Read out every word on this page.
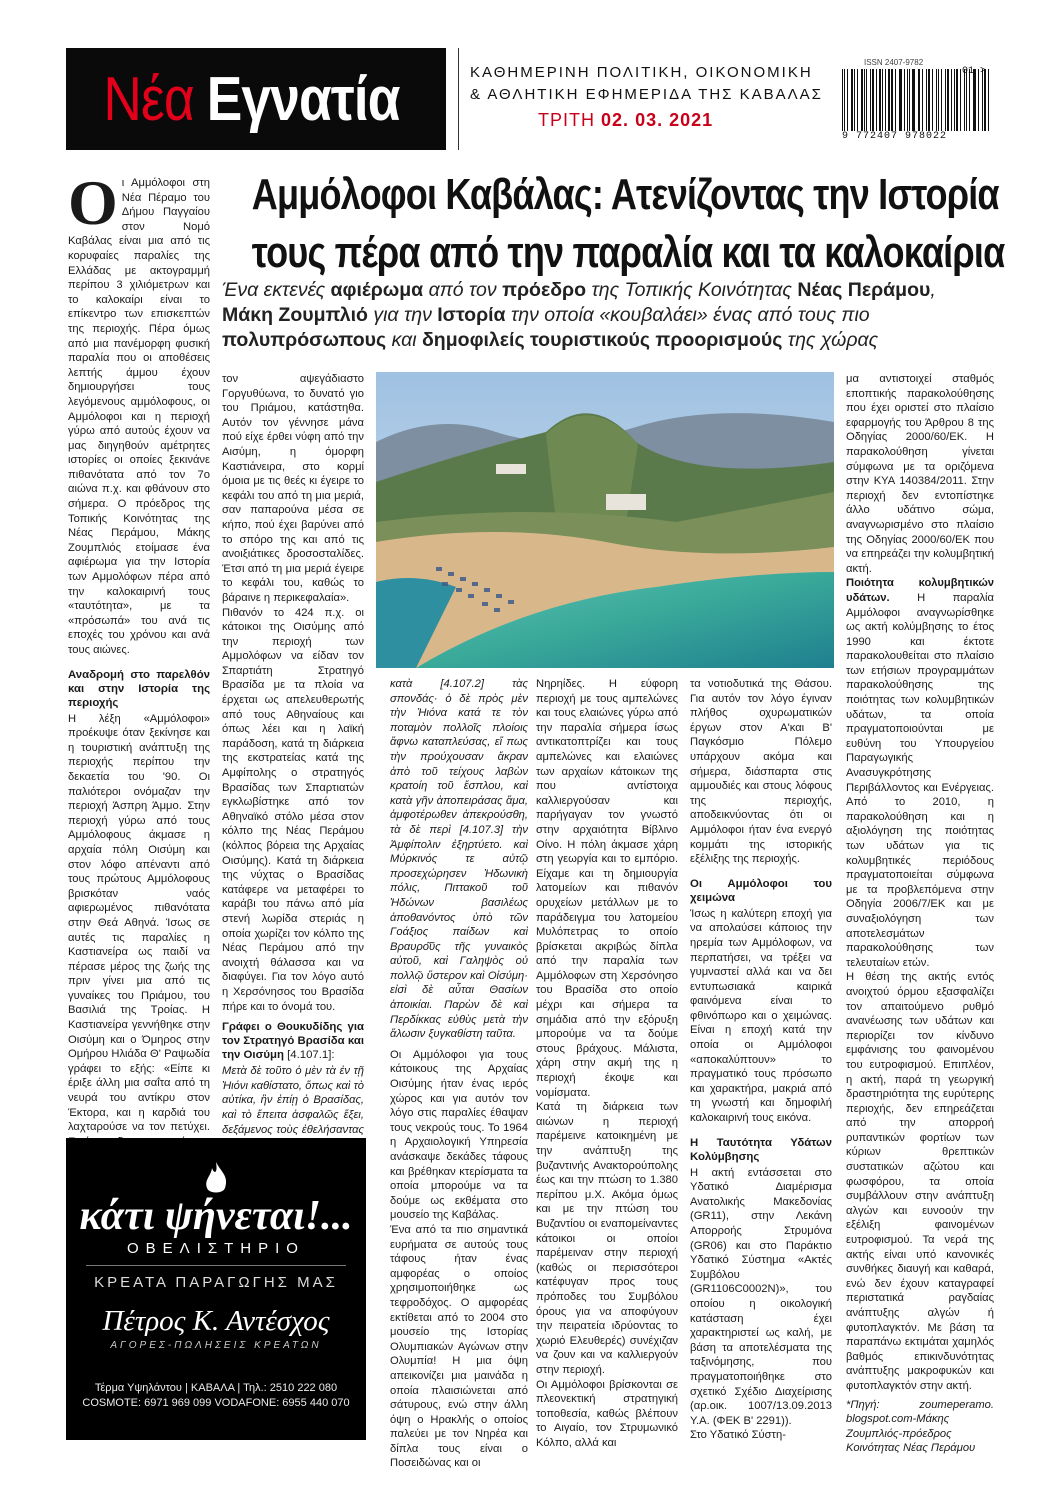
Νέα Εγνατία	ΚΑΘΗΜΕΡΙΝΗ ΠΟΛΙΤΙΚΗ, ΟΙΚΟΝΟΜΙΚΗ
& ΑΘΛΗΤΙΚΗ ΕΦΗΜΕΡΙΔΑ ΤΗΣ ΚΑΒΑΛΑΣ
ΤΡΙΤΗ 02. 03. 2021
ISSN 2407-9782
9 772407 978022
01 >
Αμμόλοφοι Καβάλας: Ατενίζοντας την Ιστορία
τους πέρα από την παραλία και τα καλοκαίρια
Ένα εκτενές αφιέρωμα από τον πρόεδρο της Τοπικής Κοινότητας Νέας Περάμου, Μάκη Ζουμπλιό για την Ιστορία την οποία «κουβαλάει» ένας από τους πιο πολυπρόσωπους και δημοφιλείς τουριστικούς προορισμούς της χώρας
Ο ι Αμμόλοφοι στη Νέα Πέραμο του Δήμου Παγγαίου στον Νομό Καβάλας είναι μια από τις κορυφαίες παραλίες της Ελλάδας με ακτογραμμή περίπου 3 χιλιόμετρων και το καλοκαίρι είναι το επίκεντρο των επισκεπτών της περιοχής. Πέρα όμως από μια πανέμορφη φυσική παραλία που οι αποθέσεις λεπτής άμμου έχουν δημιουργήσει τους λεγόμενους αμμόλοφους, οι Αμμόλοφοι και η περιοχή γύρω από αυτούς έχουν να μας διηγηθούν αμέτρητες ιστορίες οι οποίες ξεκινάνε πιθανότατα από τον 7ο αιώνα π.χ. και φθάνουν στο σήμερα. Ο πρόεδρος της Τοπικής Κοινότητας της Νέας Περάμου, Μάκης Ζουμπλιός ετοίμασε ένα αφιέρωμα για την Ιστορία των Αμμολόφων πέρα από την καλοκαιρινή τους «ταυτότητα», με τα «πρόσωπά» του ανά τις εποχές του χρόνου και ανά τους αιώνες.

Αναδρομή στο παρελθόν και στην Ιστορία της περιοχής

Η λέξη «Αμμόλοφοι» προέκυψε όταν ξεκίνησε και η τουριστική ανάπτυξη της περιοχής περίπου την δεκαετία του '90. Οι παλιότεροι ονόμαζαν την περιοχή Άσπρη Άμμο. Στην περιοχή γύρω από τους Αμμόλοφους άκμασε η αρχαία πόλη Οισύμη και στον λόφο απέναντι από τους πρώτους Αμμόλοφους βρισκόταν ναός αφιερωμένος πιθανότατα στην Θεά Αθηνά. Ίσως σε αυτές τις παραλίες η Καστιανείρα ως παιδί να πέρασε μέρος της ζωής της πριν γίνει μια από τις γυναίκες του Πριάμου, του Βασιλιά της Τροίας. Η Καστιανείρα γεννήθηκε στην Οισύμη και ο Όμηρος στην Ομήρου Ηλιάδα Θ' Ραψωδία γράφει το εξής: «Είπε κι έριξε άλλη μια σαΐτα από τη νευρά του αντίκρυ στον Έκτορα, και η καρδιά του λαχταρούσε να τον πετύχει.

τον αψεγάδιαστο Γοργυθύωνα, το δυνατό γιο του Πριάμου, κατάστηθα. Αυτόν τον γέννησε μάνα πού είχε έρθει νύφη από την Αισύμη, η όμορφη Καστιάνειρα, στο κορμί όμοια με τις θεές κι έγειρε το κεφάλι του από τη μια μεριά, σαν παπαρούνα μέσα σε κήπο, πού έχει βαρύνει από το σπόρο της και από τις ανοιξιάτικες δροσοσταλίδες. Έτσι από τη μια μεριά έγειρε το κεφάλι του, καθώς το βάραινε η περικεφαλαία».

Πιθανόν το 424 π.χ. οι κάτοικοι της Οισύμης από την περιοχή των Αμμολόφων να είδαν τον Σπαρτιάτη Στρατηγό Βρασίδα με τα πλοία να έρχεται ως απελευθερωτής από τους Αθηναίους και όπως λέει και η λαϊκή παράδοση, κατά τη διάρκεια της εκστρατείας κατά της Αμφίπολης ο στρατηγός Βρασίδας των Σπαρτιατών εγκλωβίστηκε από τον Αθηναϊκό στόλο μέσα στον κόλπο της Νέας Περάμου (κόλπος βόρεια της Αρχαίας Οισύμης). Κατά τη διάρκεια της νύχτας ο Βρασίδας κατάφερε να μεταφέρει το καράβι του πάνω από μία στενή λωρίδα στεριάς η οποία χωρίζει τον κόλπο της Νέας Περάμου από την ανοιχτή θάλασσα και να διαφύγει. Για τον λόγο αυτό η Χερσόνησος του Βρασίδα πήρε και το όνομά του.

Γράφει ο Θουκυδίδης για τον Στρατηγό Βρασίδα και την Οισύμη [4.107.1]:

Μετὰ δὲ τοῦτο ὁ μὲν τὰ ἐν τῇ Ἠιόνι καθίστατο, ὅπως καὶ τὸ αὐτίκα, ἢν ἐπίῃ ὁ Βρασίδας, καὶ τὸ ἔπειτα ἀσφαλῶς ἕξει, δεξάμενος τοὺς ἐθελήσαντας

κατὰ [4.107.2] τὰς σπονδάς· ὁ δὲ πρὸς μὲν τὴν Ἠιόνα κατά τε τὸν ποταμὸν πολλοῖς πλοίοις ἄφνω καταπλεύσας, εἴ πως τὴν προύχουσαν ἄκραν ἀπὸ τοῦ τείχους λαβὼν κρατοίη τοῦ ἔσπλου, καὶ κατὰ γῆν ἀποπειράσας ἅμα, ἀμφοτέρωθεν ἀπεκρούσθη, τὰ δὲ περὶ [4.107.3] τὴν Ἀμφίπολιν ἐξηρτύετο. καὶ Μύρκινός τε αὐτῷ προσεχώρησεν Ἠδωνικὴ πόλις, Πιττακοῦ τοῦ Ἠδώνων βασιλέως ἀποθανόντος ὑπὸ τῶν Γοάξιος παίδων καὶ Βραυρο͂ῦς τῆς γυναικὸς αὐτοῦ, καὶ Γαληψὸς οὐ πολλῷ ὕστερον καὶ Οἰσύμη· εἰσὶ δὲ αὗται Θασίων ἀποικίαι. Παρὼν δὲ καὶ Περδίκκας εὐθὺς μετὰ τὴν ἅλωσιν ξυγκαθίστη ταῦτα.

Οι Αμμόλοφοι για τους κάτοικους της Αρχαίας Οισύμης ήταν ένας ιερός χώρος και για αυτόν τον λόγο στις παραλίες έθαψαν τους νεκρούς τους. Το 1964 η Αρχαιολογική Υπηρεσία ανάσκαψε δεκάδες τάφους και βρέθηκαν κτερίσματα τα οποία μπορούμε να τα δούμε ως εκθέματα στο μουσείο της Καβάλας.

Ένα από τα πιο σημαντικά ευρήματα σε αυτούς τους τάφους ήταν ένας αμφορέας ο οποίος χρησιμοποιήθηκε ως τεφροδόχος. Ο αμφορέας εκτίθεται από το 2004 στο μουσείο της Ιστορίας Ολυμπιακών Αγώνων στην Ολυμπία! Η μια όψη απεικονίζει μια μαινάδα η οποία πλαισιώνεται από σάτυρους, ενώ στην άλλη όψη ο Ηρακλής ο οποίος παλεύει με τον Νηρέα και δίπλα τους είναι ο Ποσειδώνας και οι

Νηρηίδες. Η εύφορη περιοχή με τους αμπελώνες και τους ελαιώνες γύρω από την παραλία σήμερα ίσως αντικατοπτρίζει και τους αμπελώνες και ελαιώνες των αρχαίων κάτοικων της που αντίστοιχα καλλιεργούσαν και παρήγαγαν τον γνωστό στην αρχαιότητα Βίβλινο Οίνο. Η πόλη άκμασε χάρη στη γεωργία και το εμπόριο. Είχαμε και τη δημιουργία λατομείων και πιθανόν ορυχείων μετάλλων με το παράδειγμα του λατομείου Μυλόπετρας το οποίο βρίσκεται ακριβώς δίπλα από την παραλία των Αμμόλοφων στη Χερσόνησο του Βρασίδα στο οποίο μέχρι και σήμερα τα σημάδια από την εξόρυξη μπορούμε να τα δούμε στους βράχους. Μάλιστα, χάρη στην ακμή της η περιοχή έκοψε και νομίσματα.

Κατά τη διάρκεια των αιώνων η περιοχή παρέμεινε κατοικημένη με την ανάπτυξη της βυζαντινής Ανακτορούπολης έως και την πτώση το 1.380 περίπου μ.Χ. Ακόμα όμως και με την πτώση του Βυζαντίου οι εναπομείναντες κάτοικοι οι οποίοι παρέμειναν στην περιοχή (καθώς οι περισσότεροι κατέφυγαν προς τους πρόποδες του Συμβόλου όρους για να αποφύγουν την πειρατεία ιδρύοντας το χωριό Ελευθερές) συνέχιζαν να ζουν και να καλλιεργούν στην περιοχή.

Οι Αμμόλοφοι βρίσκονται σε πλεονεκτική στρατηγική τοποθεσία, καθώς βλέπουν το Αιγαίο, τον Στρυμωνικό Κόλπο, αλλά και

τα νοτιοδυτικά της Θάσου. Για αυτόν τον λόγο έγιναν πλήθος οχυρωματικών έργων στον Α'και Β' Παγκόσμιο Πόλεμο υπάρχουν ακόμα και σήμερα, διάσπαρτα στις αμμουδιές και στους λόφους της περιοχής, αποδεικνύοντας ότι οι Αμμόλοφοι ήταν ένα ενεργό κομμάτι της ιστορικής εξέλιξης της περιοχής.

Οι Αμμόλοφοι του χειμώνα

Ίσως η καλύτερη εποχή για να απολαύσει κάποιος την ηρεμία των Αμμόλοφων, να περπατήσει, να τρέξει να γυμναστεί αλλά και να δει εντυπωσιακά καιρικά φαινόμενα είναι το φθινόπωρο και ο χειμώνας. Είναι η εποχή κατά την οποία οι Αμμόλοφοι «αποκαλύπτουν» το πραγματικό τους πρόσωπο και χαρακτήρα, μακριά από τη γνωστή και δημοφιλή καλοκαιρινή τους εικόνα.

Η Ταυτότητα Υδάτων Κολύμβησης

Η ακτή εντάσσεται στο Υδατικό Διαμέρισμα Ανατολικής Μακεδονίας (GR11), στην Λεκάνη Απορροής Στρυμόνα (GR06) και στο Παράκτιο Υδατικό Σύστημα «Ακτές Συμβόλου (GR1106C0002N)», του οποίου η οικολογική κατάσταση έχει χαρακτηριστεί ως καλή, με βάση τα αποτελέσματα της ταξινόμησης, που πραγματοποιήθηκε στο σχετικό Σχέδιο Διαχείρισης (αρ.οικ. 1007/13.09.2013 Υ.Α. (ΦΕΚ Β' 2291)).

Στο Υδατικό Σύστη-

μα αντιστοιχεί σταθμός εποπτικής παρακολούθησης που έχει οριστεί στο πλαίσιο εφαρμογής του Άρθρου 8 της Οδηγίας 2000/60/ΕΚ. Η παρακολούθηση γίνεται σύμφωνα με τα οριζόμενα στην ΚΥΑ 140384/2011. Στην περιοχή δεν εντοπίστηκε άλλο υδάτινο σώμα, αναγνωρισμένο στο πλαίσιο της Οδηγίας 2000/60/ΕΚ που να επηρεάζει την κολυμβητική ακτή.

Ποιότητα κολυμβητικών υδάτων. Η παραλία Αμμόλοφοι αναγνωρίσθηκε ως ακτή κολύμβησης το έτος 1990 και έκτοτε παρακολουθείται στο πλαίσιο των ετήσιων προγραμμάτων παρακολούθησης της ποιότητας των κολυμβητικών υδάτων, τα οποία πραγματοποιούνται με ευθύνη του Υπουργείου Παραγωγικής Ανασυγκρότησης Περιβάλλοντος και Ενέργειας. Από το 2010, η παρακολούθηση και η αξιολόγηση της ποιότητας των υδάτων για τις κολυμβητικές περιόδους πραγματοποιείται σύμφωνα με τα προβλεπόμενα στην Οδηγία 2006/7/ΕΚ και με συναξιολόγηση των αποτελεσμάτων παρακολούθησης των τελευταίων ετών.

Η θέση της ακτής εντός ανοιχτού όρμου εξασφαλίζει τον απαιτούμενο ρυθμό ανανέωσης των υδάτων και περιορίζει τον κίνδυνο εμφάνισης του φαινομένου του ευτροφισμού. Επιπλέον, η ακτή, παρά τη γεωργική δραστηριότητα της ευρύτερης περιοχής, δεν επηρεάζεται από την απορροή ρυπαντικών φορτίων των κύριων θρεπτικών συστατικών αζώτου και φωσφόρου, τα οποία συμβάλλουν στην ανάπτυξη αλγών και ευνοούν την εξέλιξη φαινομένων ευτροφισμού. Τα νερά της ακτής είναι υπό κανονικές συνθήκες διαυγή και καθαρά, ενώ δεν έχουν καταγραφεί περιστατικά ραγδαίας ανάπτυξης αλγών ή φυτοπλαγκτόν. Με βάση τα παραπάνω εκτιμάται χαμηλός βαθμός επικινδυνότητας ανάπτυξης μακροφυκών και φυτοπλαγκτόν στην ακτή.

*Πηγή: zoumeperamo. blogspot.com-Μάκης Ζουμπλιός-πρόεδρος Κοινότητας Νέας Περάμου

κάτι ψήνεται!...
ΟΒΕΛΙΣΤΗΡΙΟ
ΚΡΕΑΤΑ ΠΑΡΑΓΩΓΗΣ ΜΑΣ
Πέτρος Κ. Αντέσχος
ΑΓΟΡΕΣ-ΠΩΛΗΣΕΙΣ ΚΡΕΑΤΩΝ
Τέρμα Υψηλάντου | ΚΑΒΑΛΑ | Τηλ.: 2510 222 080
COSMOTE: 6971 969 099 VODAFONE: 6955 440 070
